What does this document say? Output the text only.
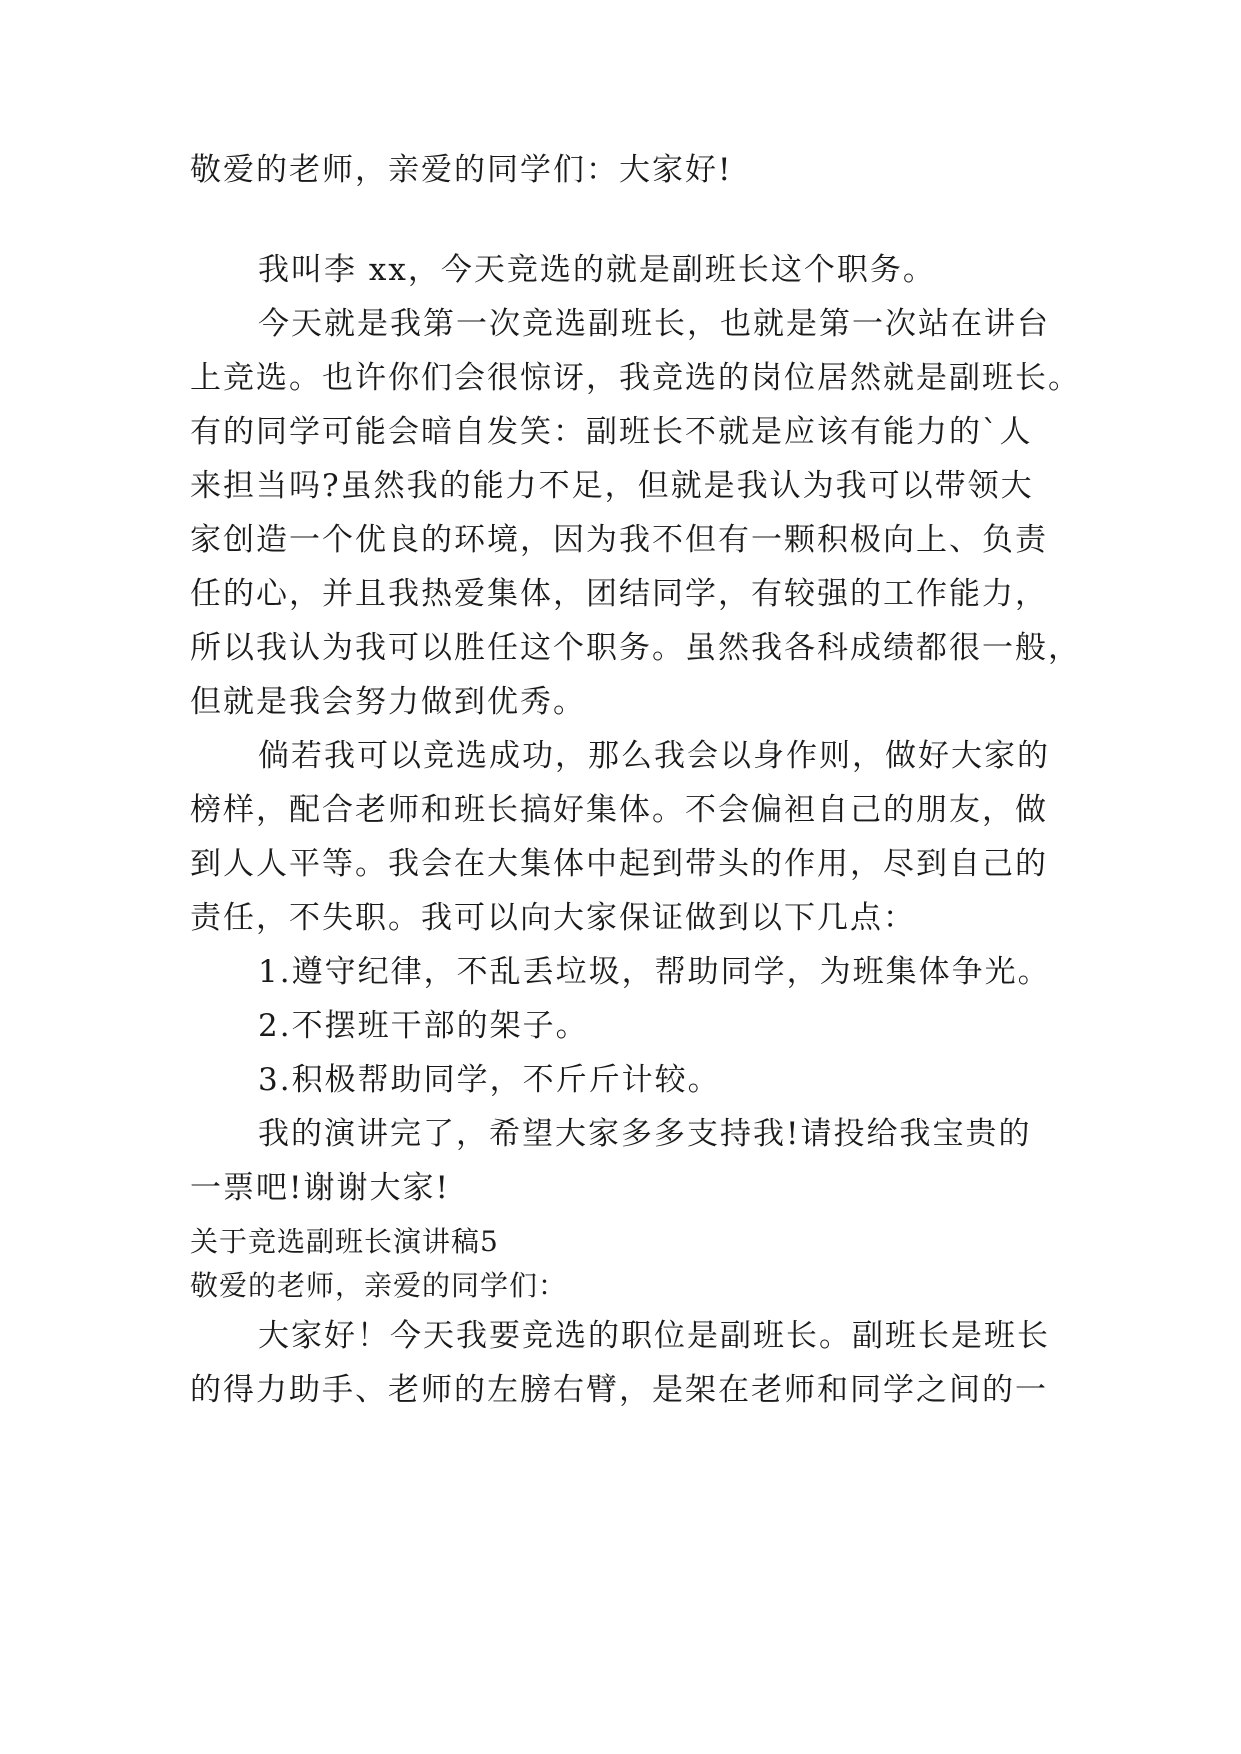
敬爱的老师，亲爱的同学们：大家好!
我叫李 xx，今天竞选的就是副班长这个职务。
今天就是我第一次竞选副班长，也就是第一次站在讲台
上竞选。也许你们会很惊讶，我竞选的岗位居然就是副班长。
有的同学可能会暗自发笑：副班长不就是应该有能力的`人
来担当吗?虽然我的能力不足，但就是我认为我可以带领大
家创造一个优良的环境，因为我不但有一颗积极向上、负责
任的心，并且我热爱集体，团结同学，有较强的工作能力，
所以我认为我可以胜任这个职务。虽然我各科成绩都很一般，
但就是我会努力做到优秀。
倘若我可以竞选成功，那么我会以身作则，做好大家的
榜样，配合老师和班长搞好集体。不会偏袒自己的朋友，做
到人人平等。我会在大集体中起到带头的作用，尽到自己的
责任，不失职。我可以向大家保证做到以下几点：
1.遵守纪律，不乱丢垃圾，帮助同学，为班集体争光。
2.不摆班干部的架子。
3.积极帮助同学，不斤斤计较。
我的演讲完了，希望大家多多支持我!请投给我宝贵的
一票吧!谢谢大家!
关于竞选副班长演讲稿5
敬爱的老师，亲爱的同学们：
大家好！今天我要竞选的职位是副班长。副班长是班长
的得力助手、老师的左膀右臂，是架在老师和同学之间的一
